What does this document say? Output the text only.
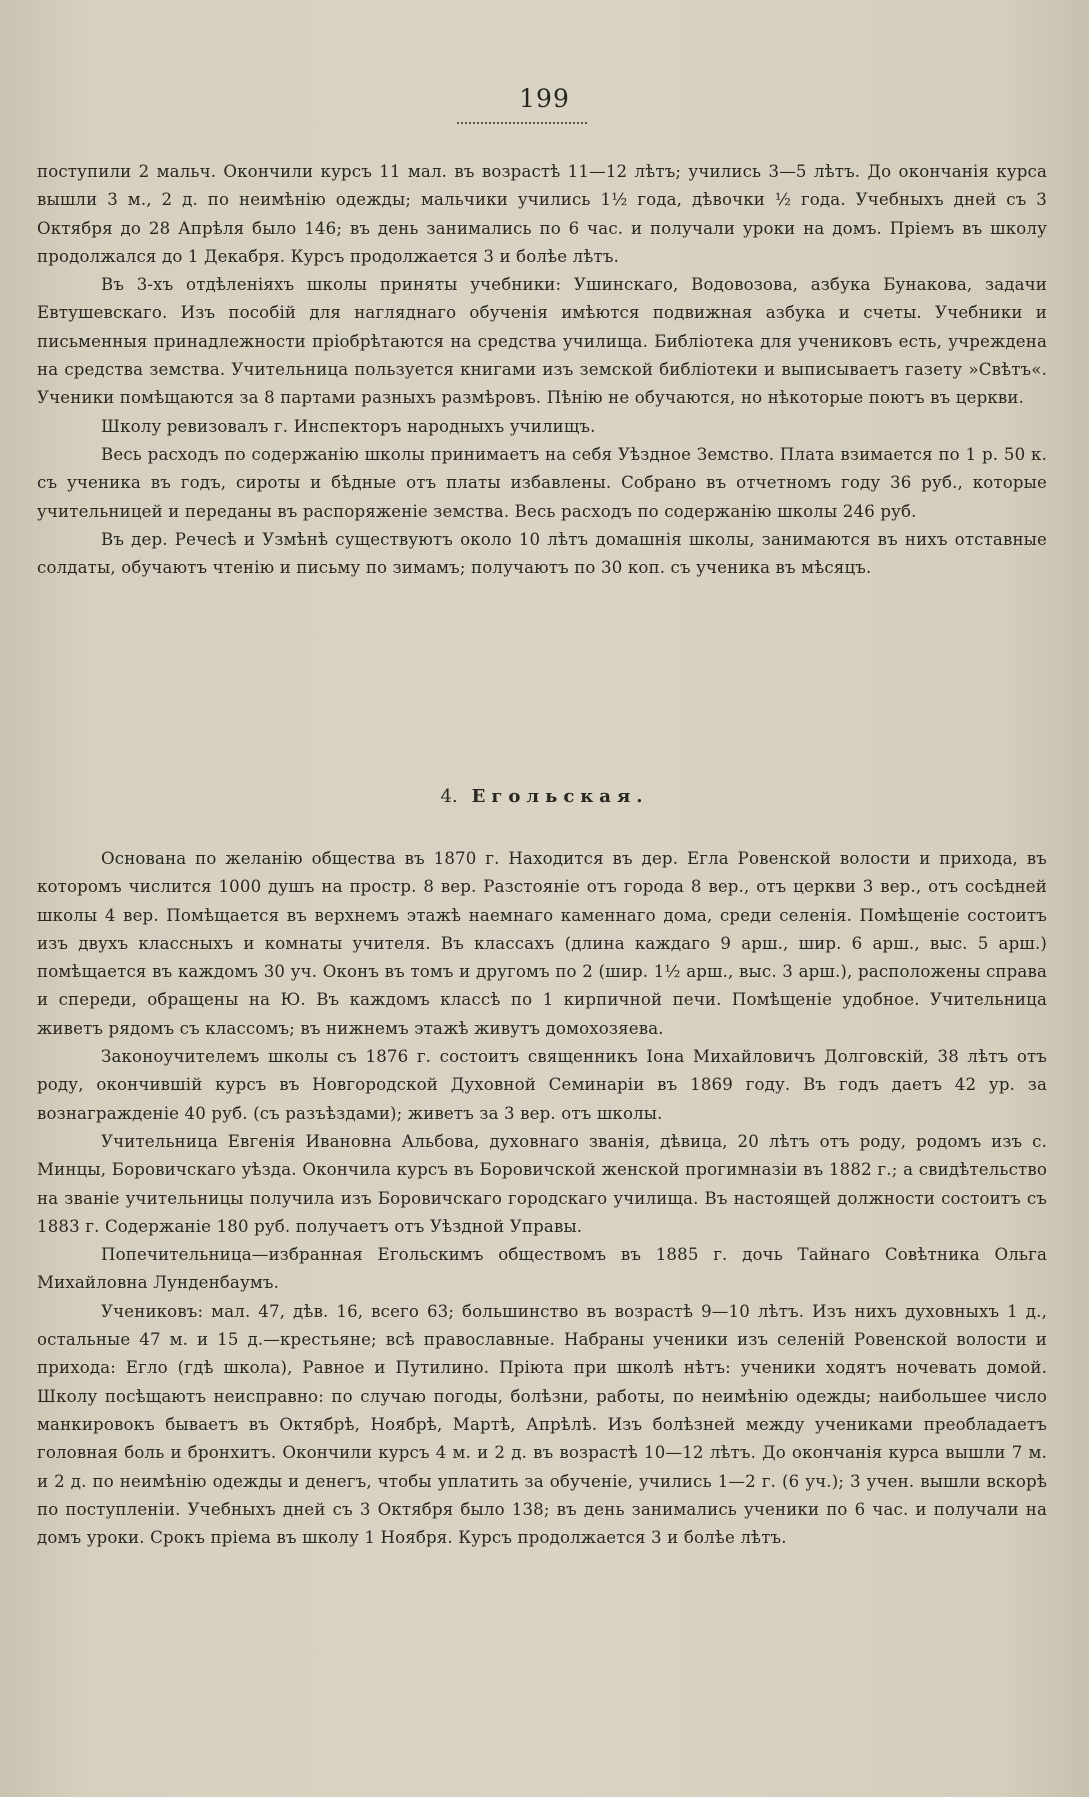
199

поступили 2 мальч. Окончили курсъ 11 мал. въ возрастѣ 11—12 лѣтъ; учились 3—5 лѣтъ. До окончанія курса вышли 3 м., 2 д. по неимѣнію одежды; мальчики учились 1½ года, дѣвочки ½ года. Учебныхъ дней съ 3 Октября до 28 Апрѣля было 146; въ день занимались по 6 час. и получали уроки на домъ. Пріемъ въ школу продолжался до 1 Декабря. Курсъ продолжается 3 и болѣе лѣтъ.

Въ 3-хъ отдѣленіяхъ школы приняты учебники: Ушинскаго, Водовозова, азбука Бунакова, задачи Евтушевскаго. Изъ пособій для нагляднаго обученія имѣются подвижная азбука и счеты. Учебники и письменныя принадлежности пріобрѣтаются на средства училища. Библіотека для учениковъ есть, учреждена на средства земства. Учительница пользуется книгами изъ земской библіотеки и выписываетъ газету »Свѣтъ«. Ученики помѣщаются за 8 партами разныхъ размѣровъ. Пѣнію не обучаются, но нѣкоторые поютъ въ церкви.

Школу ревизовалъ г. Инспекторъ народныхъ училищъ.

Весь расходъ по содержанію школы принимаетъ на себя Уѣздное Земство. Плата взимается по 1 р. 50 к. съ ученика въ годъ, сироты и бѣдные отъ платы избавлены. Собрано въ отчетномъ году 36 руб., которые учительницей и переданы въ распоряженіе земства. Весь расходъ по содержанію школы 246 руб.

Въ дер. Речесѣ и Узмѣнѣ существуютъ около 10 лѣтъ домашнія школы, занимаются въ нихъ отставные солдаты, обучаютъ чтенію и письму по зимамъ; получаютъ по 30 коп. съ ученика въ мѣсяцъ.

4. Егольская.

Основана по желанію общества въ 1870 г. Находится въ дер. Егла Ровенской волости и прихода, въ которомъ числится 1000 душъ на простр. 8 вер. Разстояніе отъ города 8 вер., отъ церкви 3 вер., отъ сосѣдней школы 4 вер. Помѣщается въ верхнемъ этажѣ наемнаго каменнаго дома, среди селенія. Помѣщеніе состоитъ изъ двухъ классныхъ и комнаты учителя. Въ классахъ (длина каждаго 9 арш., шир. 6 арш., выс. 5 арш.) помѣщается въ каждомъ 30 уч. Оконъ въ томъ и другомъ по 2 (шир. 1½ арш., выс. 3 арш.), расположены справа и спереди, обращены на Ю. Въ каждомъ классѣ по 1 кирпичной печи. Помѣщеніе удобное. Учительница живетъ рядомъ съ классомъ; въ нижнемъ этажѣ живутъ домохозяева.

Законоучителемъ школы съ 1876 г. состоитъ священникъ Іона Михайловичъ Долговскій, 38 лѣтъ отъ роду, окончившій курсъ въ Новгородской Духовной Семинаріи въ 1869 году. Въ годъ даетъ 42 ур. за вознагражденіе 40 руб. (съ разъѣздами); живетъ за 3 вер. отъ школы.

Учительница Евгенія Ивановна Альбова, духовнаго званія, дѣвица, 20 лѣтъ отъ роду, родомъ изъ с. Минцы, Боровичскаго уѣзда. Окончила курсъ въ Боровичской женской прогимназіи въ 1882 г.; а свидѣтельство на званіе учительницы получила изъ Боровичскаго городскаго училища. Въ настоящей должности состоитъ съ 1883 г. Содержаніе 180 руб. получаетъ отъ Уѣздной Управы.

Попечительница—избранная Егольскимъ обществомъ въ 1885 г. дочь Тайнаго Совѣтника Ольга Михайловна Лунденбаумъ.

Учениковъ: мал. 47, дѣв. 16, всего 63; большинство въ возрастѣ 9—10 лѣтъ. Изъ нихъ духовныхъ 1 д., остальные 47 м. и 15 д.—крестьяне; всѣ православные. Набраны ученики изъ селеній Ровенской волости и прихода: Егло (гдѣ школа), Равное и Путилино. Пріюта при школѣ нѣтъ: ученики ходятъ ночевать домой. Школу посѣщаютъ неисправно: по случаю погоды, болѣзни, работы, по неимѣнію одежды; наибольшее число манкировокъ бываетъ въ Октябрѣ, Ноябрѣ, Мартѣ, Апрѣлѣ. Изъ болѣзней между учениками преобладаетъ головная боль и бронхитъ. Окончили курсъ 4 м. и 2 д. въ возрастѣ 10—12 лѣтъ. До окончанія курса вышли 7 м. и 2 д. по неимѣнію одежды и денегъ, чтобы уплатить за обученіе, учились 1—2 г. (6 уч.); 3 учен. вышли вскорѣ по поступленіи. Учебныхъ дней съ 3 Октября было 138; въ день занимались ученики по 6 час. и получали на домъ уроки. Срокъ пріема въ школу 1 Ноября. Курсъ продолжается 3 и болѣе лѣтъ.
